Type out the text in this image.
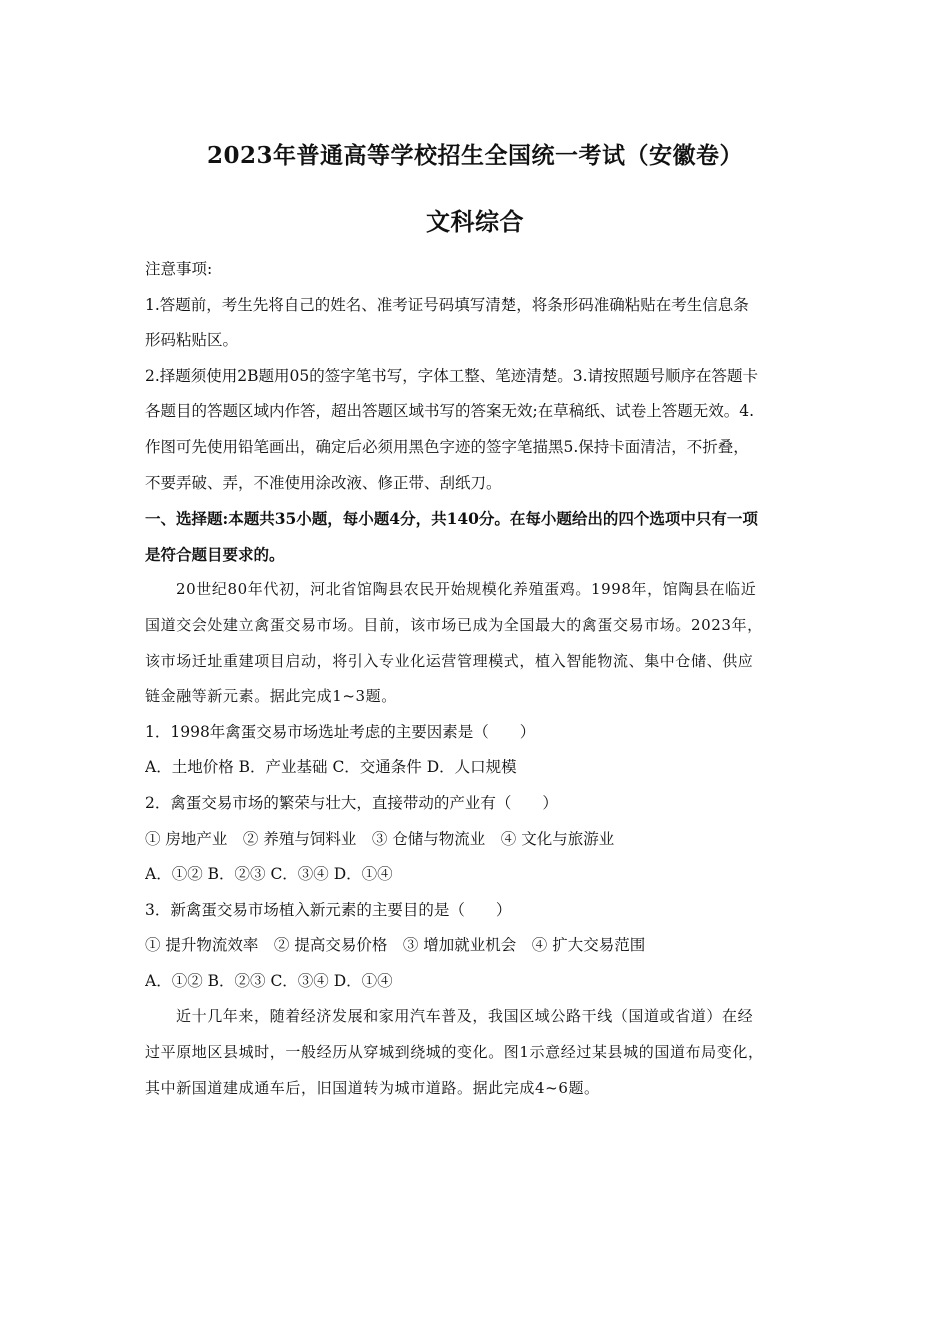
2023年普通高等学校招生全国统一考试（安徽卷）
文科综合
注意事项:
1.答题前，考生先将自己的姓名、准考证号码填写清楚，将条形码准确粘贴在考生信息条
形码粘贴区。
2.择题须使用2B题用05的签字笔书写，字体工整、笔迹清楚。3.请按照题号顺序在答题卡
各题目的答题区域内作答，超出答题区域书写的答案无效;在草稿纸、试卷上答题无效。4.
作图可先使用铅笔画出，确定后必须用黑色字迹的签字笔描黑5.保持卡面清洁，不折叠，
不要弄破、弄，不准使用涂改液、修正带、刮纸刀。
一、选择题:本题共35小题，每小题4分，共140分。在每小题给出的四个选项中只有一项
是符合题目要求的。
20世纪80年代初，河北省馆陶县农民开始规模化养殖蛋鸡。1998年，馆陶县在临近
国道交会处建立禽蛋交易市场。目前，该市场已成为全国最大的禽蛋交易市场。2023年，
该市场迁址重建项目启动，将引入专业化运营管理模式，植入智能物流、集中仓储、供应
链金融等新元素。据此完成1~3题。
1．1998年禽蛋交易市场选址考虑的主要因素是（　　）
A．土地价格 B．产业基础 C．交通条件 D．人口规模
2．禽蛋交易市场的繁荣与壮大，直接带动的产业有（　　）
① 房地产业　② 养殖与饲料业　③ 仓储与物流业　④ 文化与旅游业
A．①② B．②③ C．③④ D．①④
3．新禽蛋交易市场植入新元素的主要目的是（　　）
① 提升物流效率　② 提高交易价格　③ 增加就业机会　④ 扩大交易范围
A．①② B．②③ C．③④ D．①④
近十几年来，随着经济发展和家用汽车普及，我国区域公路干线（国道或省道）在经
过平原地区县城时，一般经历从穿城到绕城的变化。图1示意经过某县城的国道布局变化，
其中新国道建成通车后，旧国道转为城市道路。据此完成4~6题。
